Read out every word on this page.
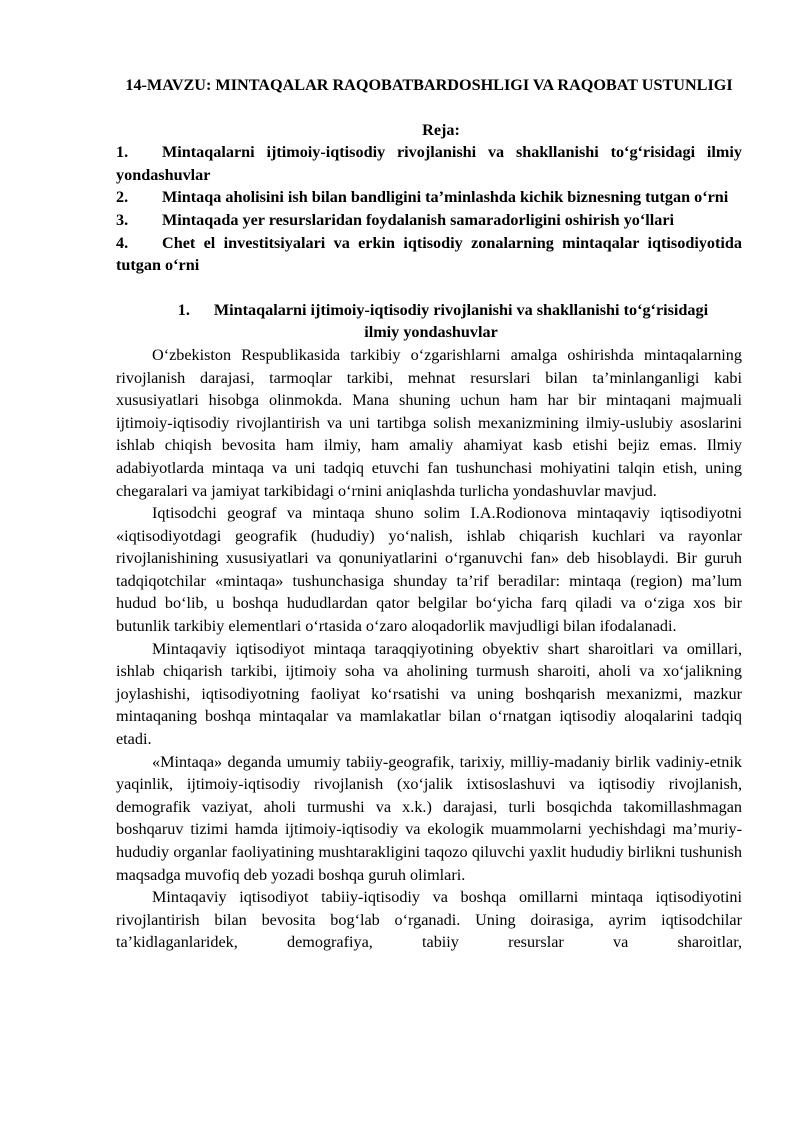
14-MAVZU: MINTAQALAR RAQOBATBARDOSHLIGI VA RAQOBAT USTUNLIGI
Reja:
1. Mintaqalarni ijtimoiy-iqtisodiy rivojlanishi va shakllanishi to‘g‘risidagi ilmiy yondashuvlar
2. Mintaqa aholisini ish bilan bandligini ta’minlashda kichik biznesning tutgan o‘rni
3. Mintaqada yer resurslaridan foydalanish samaradorligini oshirish yo‘llari
4. Chet el investitsiyalari va erkin iqtisodiy zonalarning mintaqalar iqtisodiyotida tutgan o‘rni
1. Mintaqalarni ijtimoiy-iqtisodiy rivojlanishi va shakllanishi to‘g‘risidagi ilmiy yondashuvlar

O‘zbekiston Respublikasida tarkibiy o‘zgarishlarni amalga oshirishda mintaqalarning rivojlanish darajasi, tarmoqlar tarkibi, mehnat resurslari bilan ta’minlanganligi kabi xususiyatlari hisobga olinmokda. Mana shuning uchun ham har bir mintaqani majmuali ijtimoiy-iqtisodiy rivojlantirish va uni tartibga solish mexanizmining ilmiy-uslubiy asoslarini ishlab chiqish bevosita ham ilmiy, ham amaliy ahamiyat kasb etishi bejiz emas. Ilmiy adabiyotlarda mintaqa va uni tadqiq etuvchi fan tushunchasi mohiyatini talqin etish, uning chegaralari va jamiyat tarkibidagi o‘rnini aniqlashda turlicha yondashuvlar mavjud.

Iqtisodchi geograf va mintaqa shuno solim I.A.Rodionova mintaqaviy iqtisodiyotni «iqtisodiyotdagi geografik (hududiy) yo‘nalish, ishlab chiqarish kuchlari va rayonlar rivojlanishining xususiyatlari va qonuniyatlarini o‘rganuvchi fan» deb hisoblaydi. Bir guruh tadqiqotchilar «mintaqa» tushunchasiga shunday ta’rif beradilar: mintaqa (region) ma’lum hudud bo‘lib, u boshqa hududlardan qator belgilar bo‘yicha farq qiladi va o‘ziga xos bir butunlik tarkibiy elementlari o‘rtasida o‘zaro aloqadorlik mavjudligi bilan ifodalanadi.

Mintaqaviy iqtisodiyot mintaqa taraqqiyotining obyektiv shart sharoitlari va omillari, ishlab chiqarish tarkibi, ijtimoiy soha va aholining turmush sharoiti, aholi va xo‘jalikning joylashishi, iqtisodiyotning faoliyat ko‘rsatishi va uning boshqarish mexanizmi, mazkur mintaqaning boshqa mintaqalar va mamlakatlar bilan o‘rnatgan iqtisodiy aloqalarini tadqiq etadi.

«Mintaqa» deganda umumiy tabiiy-geografik, tarixiy, milliy-madaniy birlik vadiniy-etnik yaqinlik, ijtimoiy-iqtisodiy rivojlanish (xo‘jalik ixtisoslashuvi va iqtisodiy rivojlanish, demografik vaziyat, aholi turmushi va x.k.) darajasi, turli bosqichda takomillashmagan boshqaruv tizimi hamda ijtimoiy-iqtisodiy va ekologik muammolarni yechishdagi ma’muriy-hududiy organlar faoliyatining mushtarakligini taqozo qiluvchi yaxlit hududiy birlikni tushunish maqsadga muvofiq deb yozadi boshqa guruh olimlari.

Mintaqaviy iqtisodiyot tabiiy-iqtisodiy va boshqa omillarni mintaqa iqtisodiyotini rivojlantirish bilan bevosita bog‘lab o‘rganadi. Uning doirasiga, ayrim iqtisodchilar ta’kidlaganlaridek, demografiya, tabiiy resurslar va sharoitlar,
